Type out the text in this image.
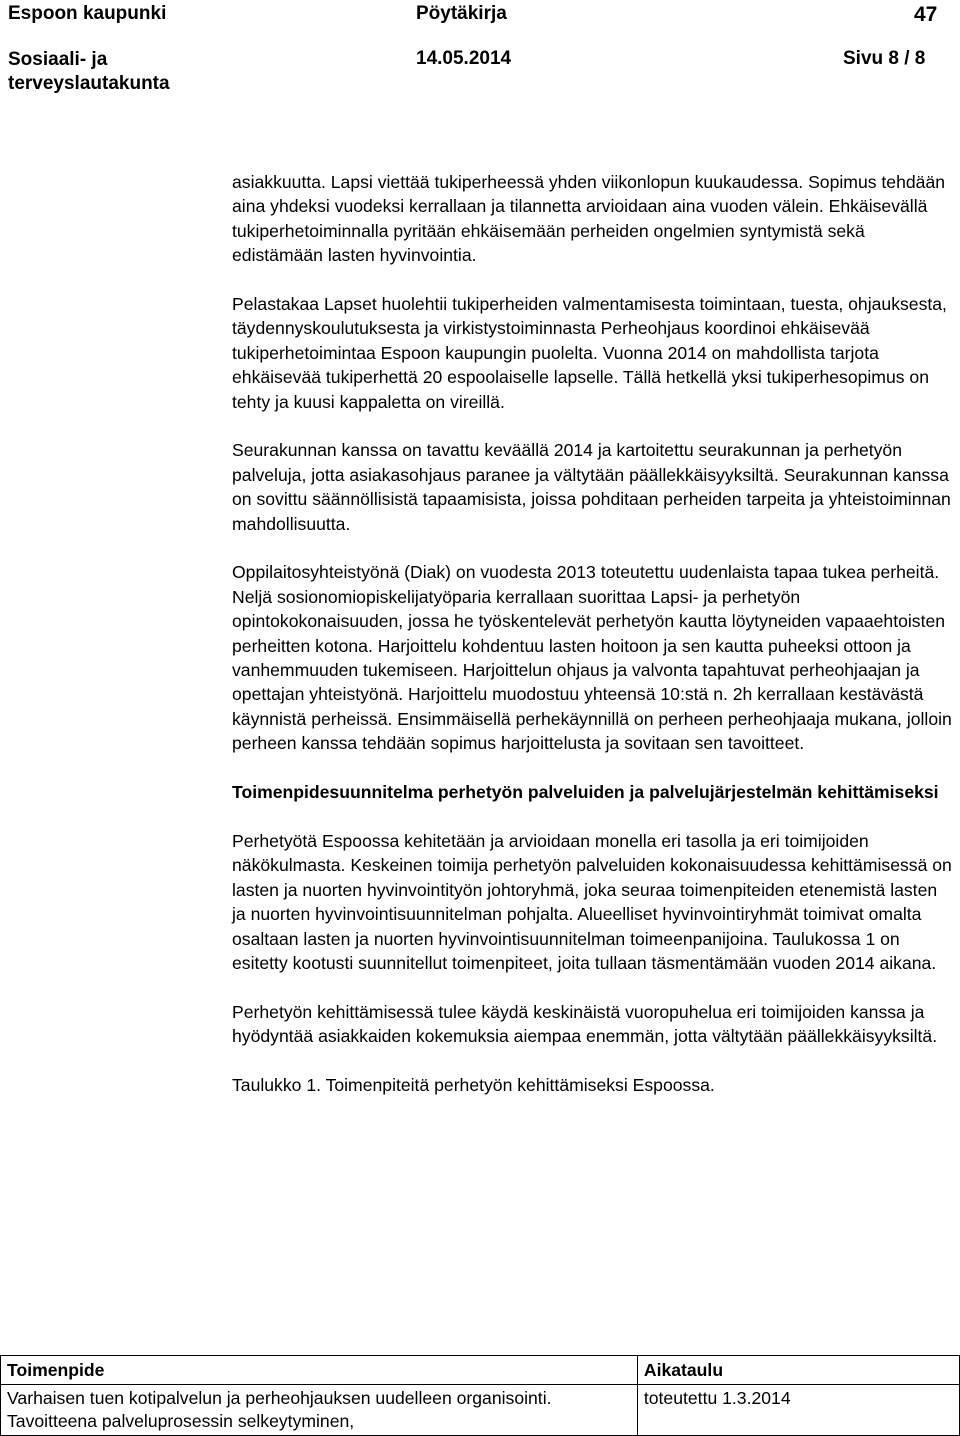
Espoon kaupunki	Pöytäkirja	47
Sosiaali- ja terveyslautakunta
14.05.2014	Sivu 8 / 8

asiakkuutta. Lapsi viettää tukiperheessä yhden viikonlopun kuukaudessa. Sopimus tehdään aina yhdeksi vuodeksi kerrallaan ja tilannetta arvioidaan aina vuoden välein. Ehkäisevällä tukiperhetoiminnalla pyritään ehkäisemään perheiden ongelmien syntymistä sekä edistämään lasten hyvinvointia.

Pelastakaa Lapset huolehtii tukiperheiden valmentamisesta toimintaan, tuesta, ohjauksesta, täydennyskoulutuksesta ja virkistystoiminnasta Perheohjaus koordinoi ehkäisevää tukiperhetoimintaa Espoon kaupungin puolelta. Vuonna 2014 on mahdollista tarjota ehkäisevää tukiperhettä 20 espoolaiselle lapselle. Tällä hetkellä yksi tukiperhesopimus on tehty ja kuusi kappaletta on vireillä.

Seurakunnan kanssa on tavattu keväällä 2014 ja kartoitettu seurakunnan ja perhetyön palveluja, jotta asiakasohjaus paranee ja vältytään päällekkäisyyksiltä. Seurakunnan kanssa on sovittu säännöllisistä tapaamisista, joissa pohditaan perheiden tarpeita ja yhteistoiminnan mahdollisuutta.

Oppilaitosyhteistyönä (Diak) on vuodesta 2013 toteutettu uudenlaista tapaa tukea perheitä. Neljä sosionomiopiskelijatyöparia kerrallaan suorittaa Lapsi- ja perhetyön opintokokonaisuuden, jossa he työskentelevät perhetyön kautta löytyneiden vapaaehtoisten perheitten kotona. Harjoittelu kohdentuu lasten hoitoon ja sen kautta puheeksi ottoon ja vanhemmuuden tukemiseen. Harjoittelun ohjaus ja valvonta tapahtuvat perheohjaajan ja opettajan yhteistyönä. Harjoittelu muodostuu yhteensä 10:stä n. 2h kerrallaan kestävästä käynnistä perheissä. Ensimmäisellä perhekäynnillä on perheen perheohjaaja mukana, jolloin perheen kanssa tehdään sopimus harjoittelusta ja sovitaan sen tavoitteet.

Toimenpidesuunnitelma perhetyön palveluiden ja palvelujärjestelmän kehittämiseksi

Perhetyötä Espoossa kehitetään ja arvioidaan monella eri tasolla ja eri toimijoiden näkökulmasta. Keskeinen toimija perhetyön palveluiden kokonaisuudessa kehittämisessä on lasten ja nuorten hyvinvointityön johtoryhmä, joka seuraa toimenpiteiden etenemistä lasten ja nuorten hyvinvointisuunnitelman pohjalta. Alueelliset hyvinvointiryhmät toimivat omalta osaltaan lasten ja nuorten hyvinvointisuunnitelman toimeenpanijoina. Taulukossa 1 on esitetty kootusti suunnitellut toimenpiteet, joita tullaan täsmentämään vuoden 2014 aikana.

Perhetyön kehittämisessä tulee käydä keskinäistä vuoropuhelua eri toimijoiden kanssa ja hyödyntää asiakkaiden kokemuksia aiempaa enemmän, jotta vältytään päällekkäisyyksiltä.

Taulukko 1. Toimenpiteitä perhetyön kehittämiseksi Espoossa.

Toimenpide	Aikataulu
Varhaisen tuen kotipalvelun ja perheohjauksen uudelleen organisointi. Tavoitteena palveluprosessin selkeytyminen,	toteutettu 1.3.2014
